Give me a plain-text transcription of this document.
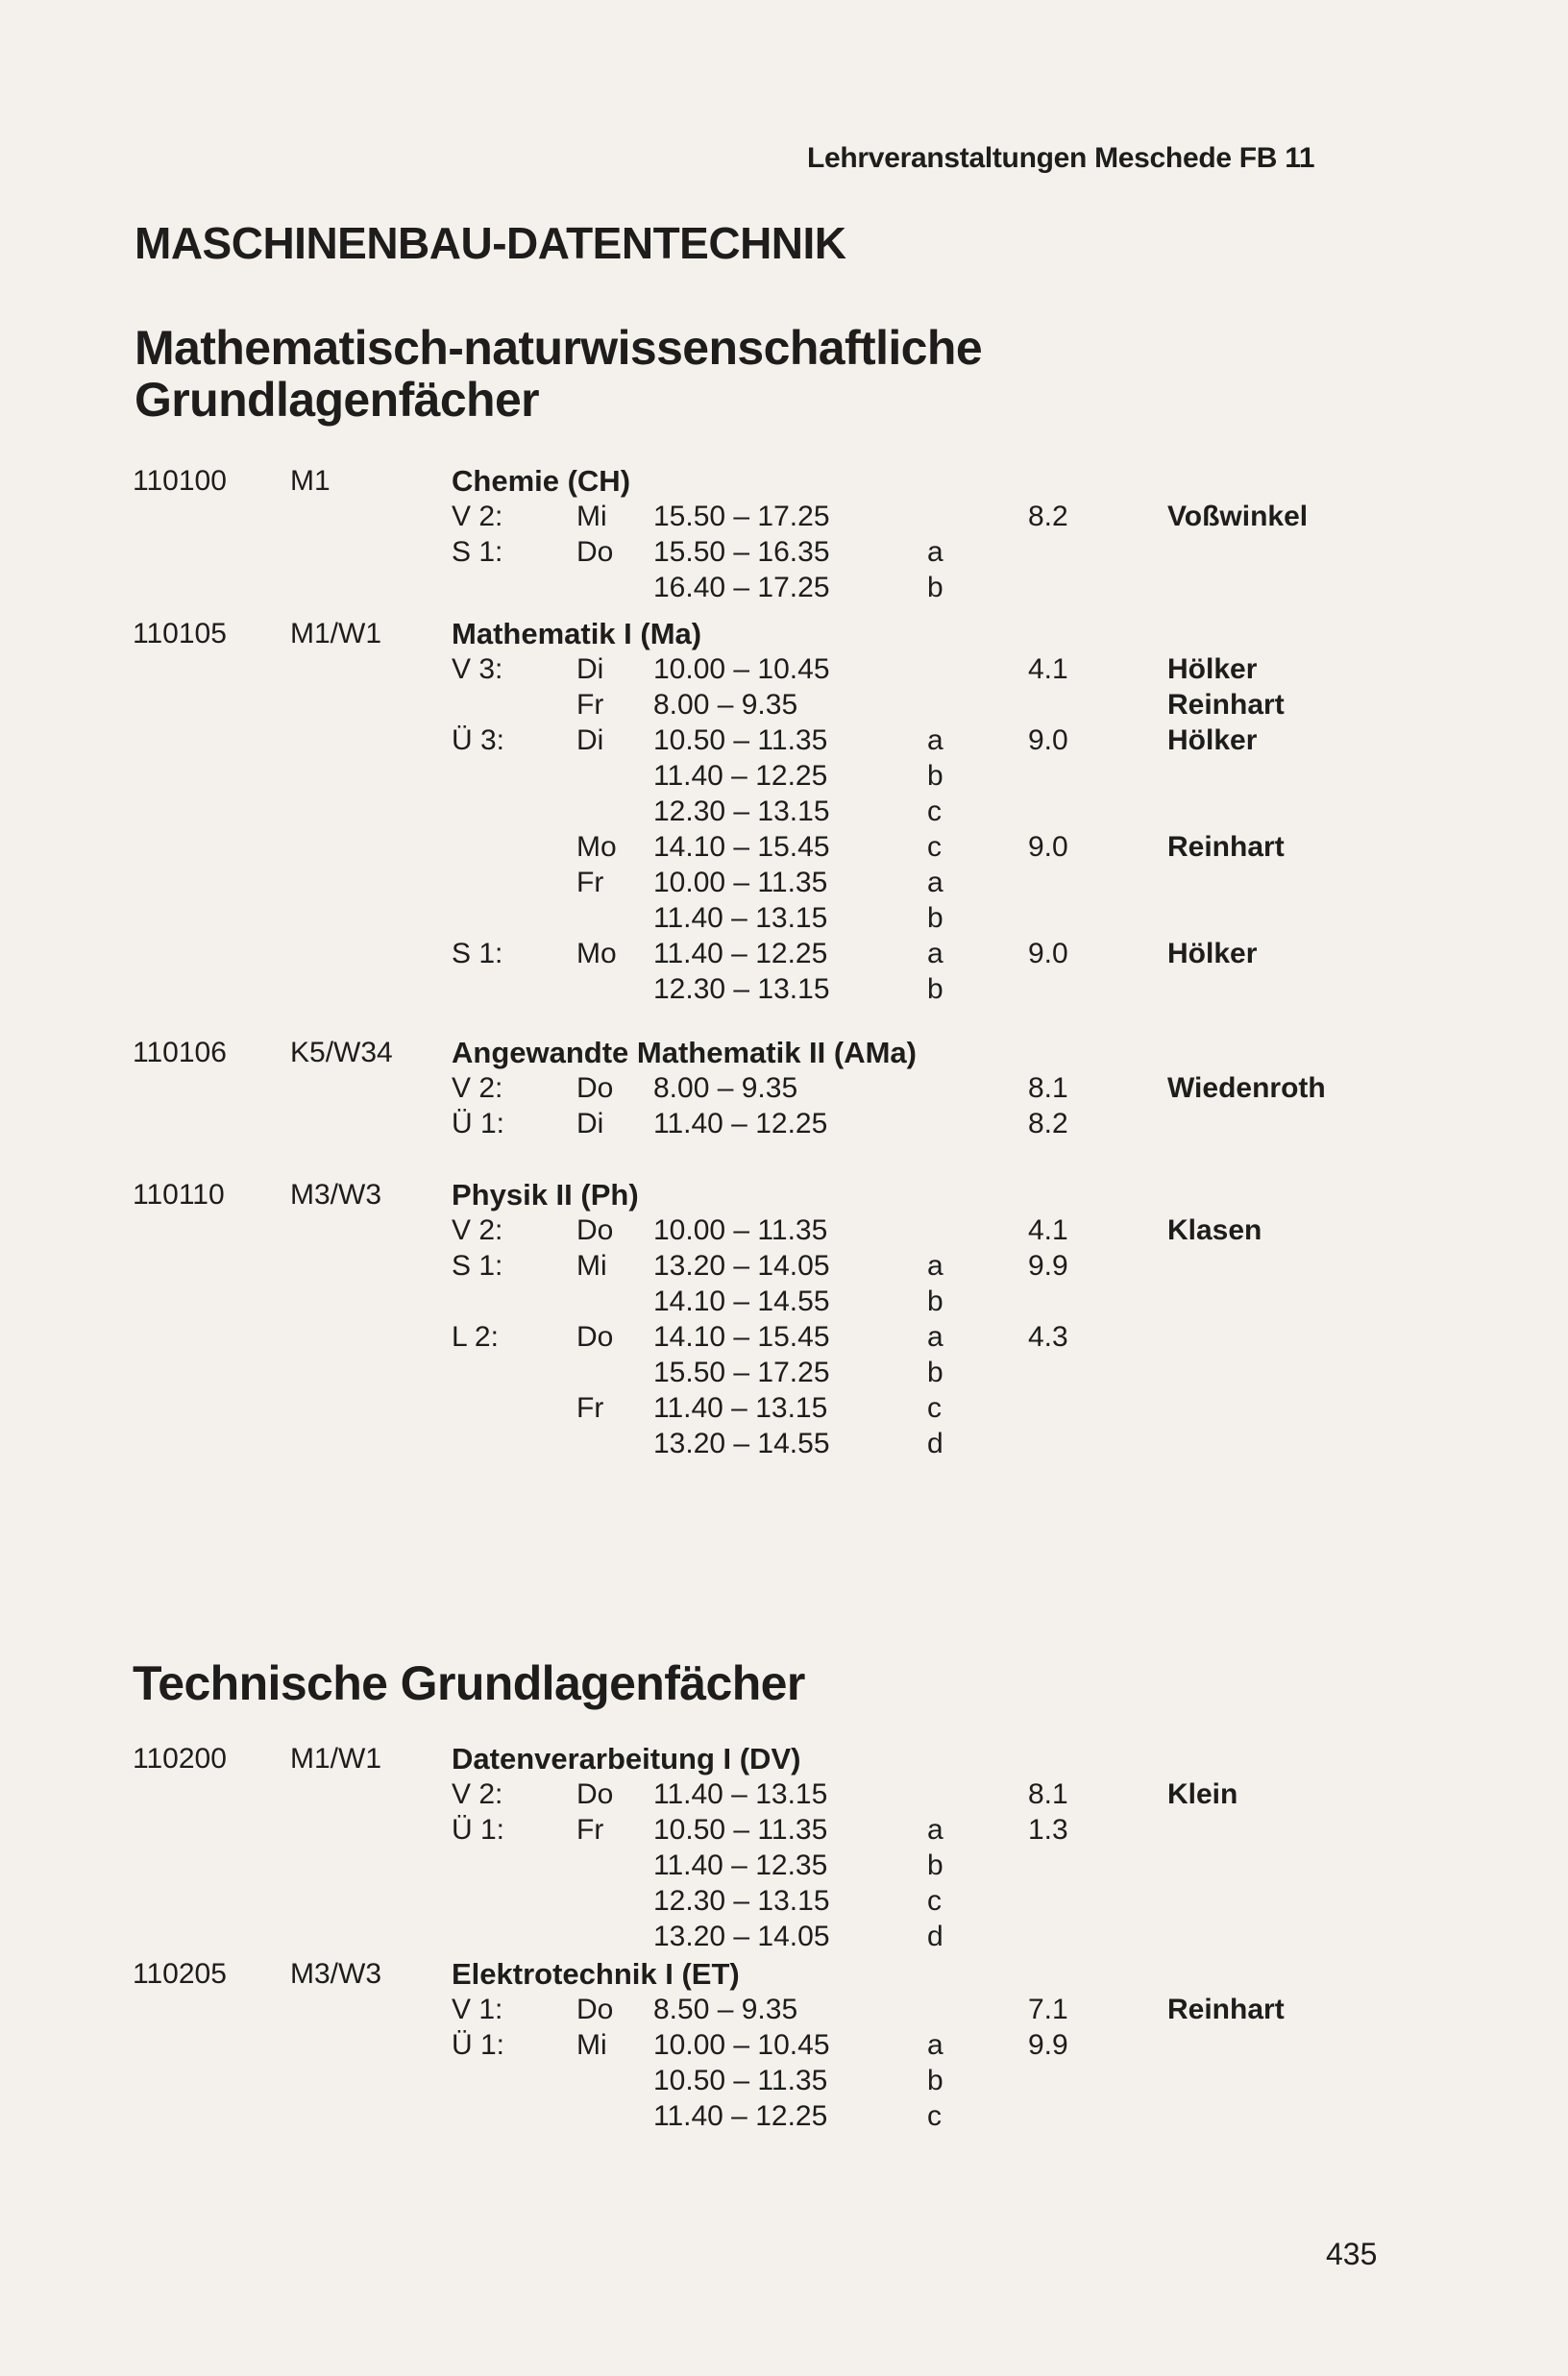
Lehrveranstaltungen Meschede FB 11
MASCHINENBAU-DATENTECHNIK
Mathematisch-naturwissenschaftliche
Grundlagenfächer
Technische Grundlagenfächer
110100 M1	Chemie (CH)
V 2:	Mi 15.50 – 17.25	8.2	Voßwinkel
S 1:	Do 15.50 – 16.35	a
16.40 – 17.25	b
110105 M1/W1 Mathematik I (Ma)
V 3:	Di 10.00 – 10.45	4.1	Hölker
Fr 8.00 – 9.35	Reinhart
Ü 3: Di 10.50 – 11.35	a	9.0	Hölker
11.40 – 12.25	b
12.30 – 13.15	c
Mo 14.10 – 15.45	c	9.0	Reinhart
Fr 10.00 – 11.35	a
11.40 – 13.15	b
S 1:	Mo 11.40 – 12.25	a	9.0	Hölker
12.30 – 13.15	b
110106 K5/W34 Angewandte Mathematik II (AMa)
V 2:	Do 8.00 – 9.35	8.1	Wiedenroth
Ü 1: Di 11.40 – 12.25	8.2
110110 M3/W3 Physik II (Ph)
V 2:	Do 10.00 – 11.35	4.1	Klasen
S 1:	Mi 13.20 – 14.05	a	9.9
14.10 – 14.55	b
L 2:	Do 14.10 – 15.45	a	4.3
15.50 – 17.25	b
Fr 11.40 – 13.15	c
13.20 – 14.55	d
110200 M1/W1 Datenverarbeitung I (DV)
V 2:	Do 11.40 – 13.15	8.1	Klein
Ü 1: Fr 10.50 – 11.35	a	1.3
11.40 – 12.35	b
12.30 – 13.15	c
13.20 – 14.05	d
110205 M3/W3 Elektrotechnik I (ET)
V 1:	Do 8.50 – 9.35	7.1	Reinhart
Ü 1: Mi 10.00 – 10.45	a	9.9
10.50 – 11.35	b
11.40 – 12.25	c
435
